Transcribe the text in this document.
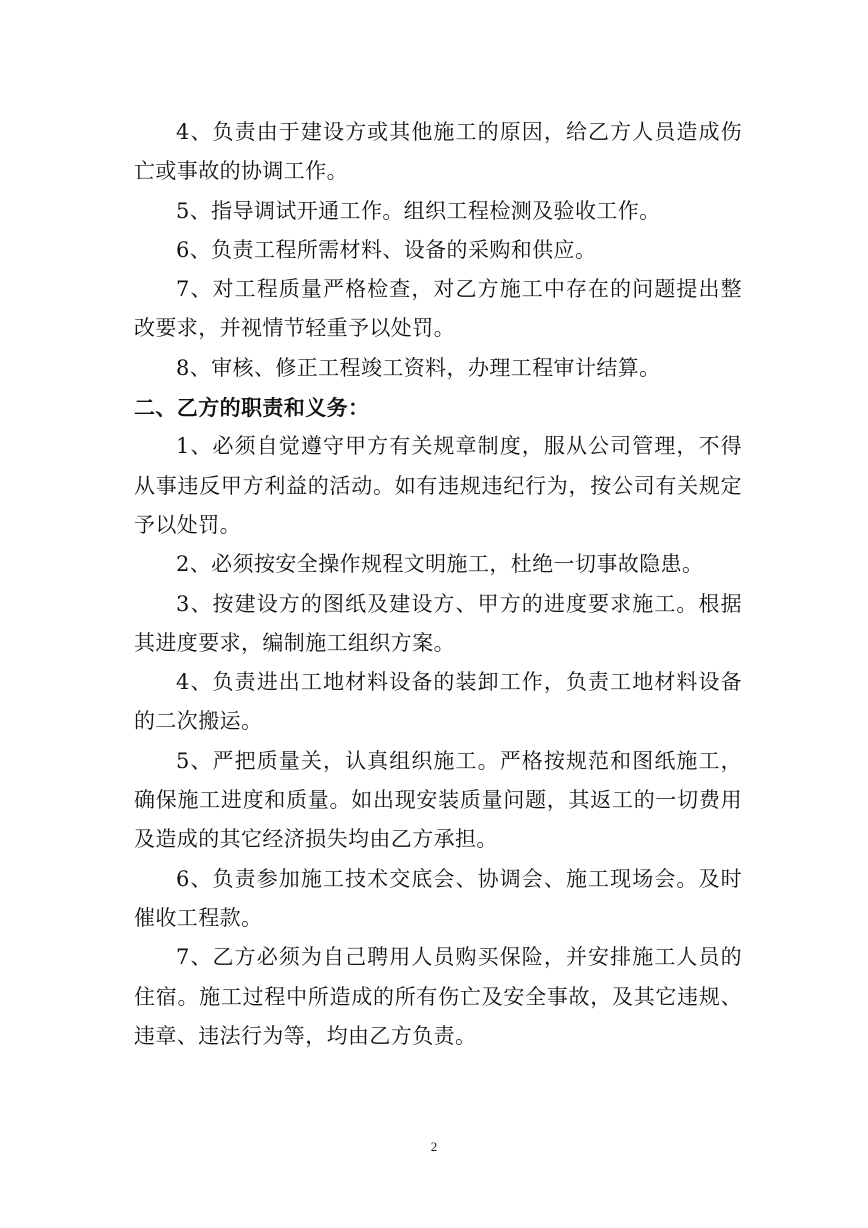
4、负责由于建设方或其他施工的原因，给乙方人员造成伤亡或事故的协调工作。

5、指导调试开通工作。组织工程检测及验收工作。

6、负责工程所需材料、设备的采购和供应。

7、对工程质量严格检查，对乙方施工中存在的问题提出整改要求，并视情节轻重予以处罚。

8、审核、修正工程竣工资料，办理工程审计结算。

二、乙方的职责和义务：

1、必须自觉遵守甲方有关规章制度，服从公司管理，不得从事违反甲方利益的活动。如有违规违纪行为，按公司有关规定予以处罚。

2、必须按安全操作规程文明施工，杜绝一切事故隐患。

3、按建设方的图纸及建设方、甲方的进度要求施工。根据其进度要求，编制施工组织方案。

4、负责进出工地材料设备的装卸工作，负责工地材料设备的二次搬运。

5、严把质量关，认真组织施工。严格按规范和图纸施工，确保施工进度和质量。如出现安装质量问题，其返工的一切费用及造成的其它经济损失均由乙方承担。

6、负责参加施工技术交底会、协调会、施工现场会。及时催收工程款。

7、乙方必须为自己聘用人员购买保险，并安排施工人员的住宿。施工过程中所造成的所有伤亡及安全事故，及其它违规、违章、违法行为等，均由乙方负责。

2
